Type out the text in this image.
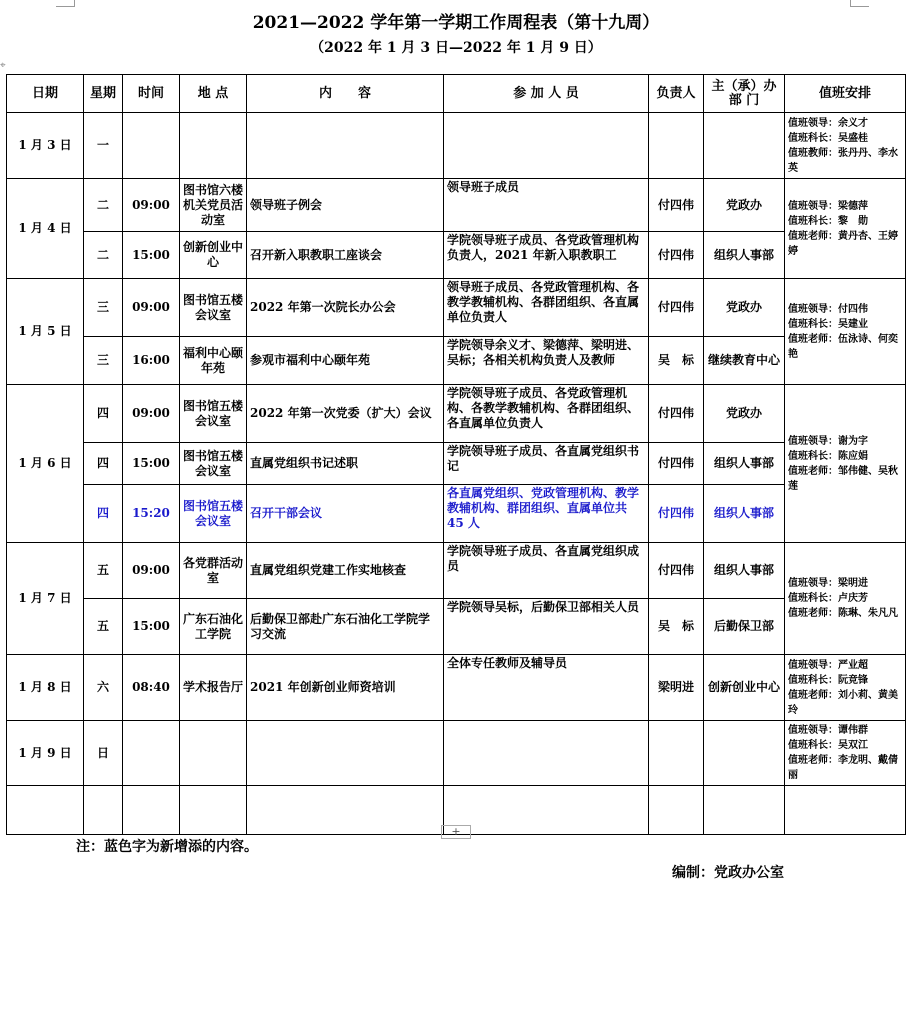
⌖
2021—2022 学年第一学期工作周程表（第十九周）
（2022 年 1 月 3 日—2022 年 1 月 9 日）
日期	星期	时间	地 点	内　　容	参 加 人 员	负责人	主（承）办部 门	值班安排
1 月 3 日	一							值班领导：余义才
值班科长：吴盛桂
值班教师：张丹丹、李水英

1 月 4 日	二	09:00	图书馆六楼机关党员活动室	领导班子例会	领导班子成员	付四伟	党政办	值班领导：梁德萍
值班科长：黎　勋
值班老师：黄丹杏、王婷婷

	二	15:00	创新创业中心	召开新入职教职工座谈会	学院领导班子成员、各党政管理机构负责人，2021 年新入职教职工	付四伟	组织人事部	
1 月 5 日	三	09:00	图书馆五楼会议室	2022 年第一次院长办公会	领导班子成员、各党政管理机构、各教学教辅机构、各群团组织、各直属单位负责人	付四伟	党政办	值班领导：付四伟
值班科长：吴建业
值班老师：伍泳诗、何奕艳

	三	16:00	福利中心颐年苑	参观市福利中心颐年苑	学院领导余义才、梁德萍、梁明进、吴标；各相关机构负责人及教师	吴　标	继续教育中心	
1 月 6 日	四	09:00	图书馆五楼会议室	2022 年第一次党委（扩大）会议	学院领导班子成员、各党政管理机构、各教学教辅机构、各群团组织、各直属单位负责人	付四伟	党政办	值班领导：谢为字
值班科长：陈应娟
值班老师：邹伟健、吴秋莲

	四	15:00	图书馆五楼会议室	直属党组织书记述职	学院领导班子成员、各直属党组织书记	付四伟	组织人事部	
	四	15:20	图书馆五楼会议室	召开干部会议	各直属党组织、党政管理机构、教学教辅机构、群团组织、直属单位共 45 人	付四伟	组织人事部	
1 月 7 日	五	09:00	各党群活动室	直属党组织党建工作实地核查	学院领导班子成员、各直属党组织成员	付四伟	组织人事部	值班领导：梁明进
值班科长：卢庆芳
值班老师：陈琳、朱凡凡

	五	15:00	广东石油化工学院	后勤保卫部赴广东石油化工学院学习交流	学院领导吴标，后勤保卫部相关人员	吴　标	后勤保卫部	
1 月 8 日	六	08:40	学术报告厅	2021 年创新创业师资培训	全体专任教师及辅导员	梁明进	创新创业中心	值班领导：严业超
值班科长：阮竞锋
值班老师：刘小莉、黄美玲

1 月 9 日	日							值班领导：谭伟群
值班科长：吴双江
值班老师：李龙明、戴倩丽

+
注：蓝色字为新增添的内容。
编制：党政办公室
